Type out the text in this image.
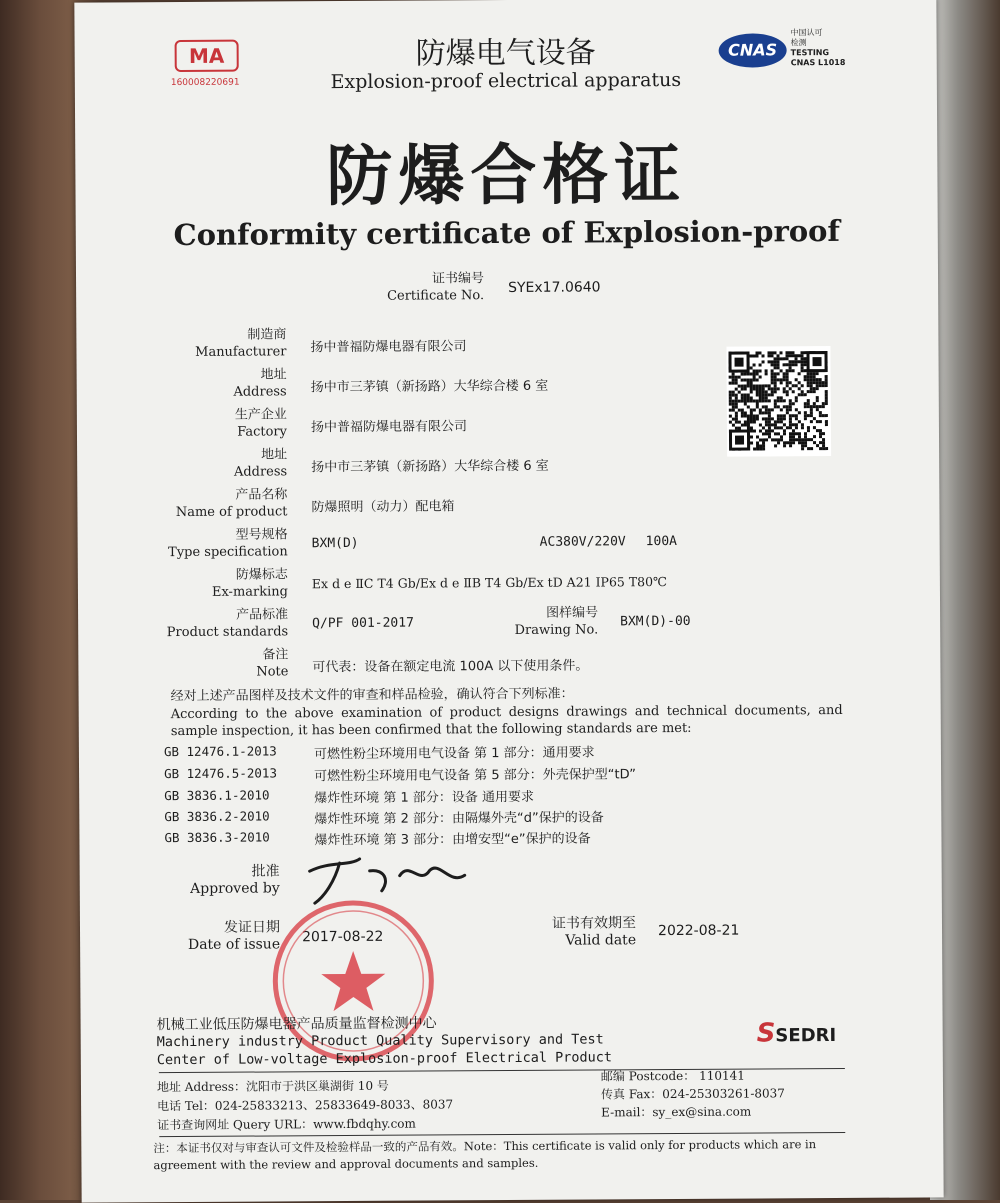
MA
160008220691
防爆电气设备
Explosion-proof electrical apparatus
CNAS
中国认可
检测
TESTING
CNAS L1018
防爆合格证
Conformity certificate of Explosion-proof
证书编号
Certificate No. SYEx17.0640
制造商
Manufacturer 扬中普福防爆电器有限公司
地址
Address 扬中市三茅镇（新扬路）大华综合楼 6 室
生产企业
Factory 扬中普福防爆电器有限公司
地址
Address 扬中市三茅镇（新扬路）大华综合楼 6 室
产品名称
Name of product 防爆照明（动力）配电箱
型号规格
Type specification
BXM(D)	AC380V/220V 100A
防爆标志
Ex-marking
Ex d e ⅡC T4 Gb/Ex d e ⅡB T4 Gb/Ex tD A21 IP65 T80℃
产品标准
Product standards
Q/PF 001-2017
图样编号
Drawing No.
BXM(D)-00
备注
Note 可代表：设备在额定电流 100A 以下使用条件。
经对上述产品图样及技术文件的审查和样品检验，确认符合下列标准：
According to the above examination of product designs drawings and technical documents, and sample inspection, it has been confirmed that the following standards are met:
GB 12476.1-2013	可燃性粉尘环境用电气设备 第 1 部分：通用要求
GB 12476.5-2013	可燃性粉尘环境用电气设备 第 5 部分：外壳保护型“tD”
GB 3836.1-2010	爆炸性环境 第 1 部分：设备 通用要求
GB 3836.2-2010	爆炸性环境 第 2 部分：由隔爆外壳“d”保护的设备
GB 3836.3-2010	爆炸性环境 第 3 部分：由增安型“e”保护的设备
批准
Approved by
发证日期
Date of issue 2017-08-22
证书有效期至
Valid date
2022-08-21
机械工业低压防爆电器产品质量监督检测中心
Machinery industry Product Quality Supervisory and Test
Center of Low-voltage Explosion-proof Electrical Product
SSEDRI
地址 Address：沈阳市于洪区巢湖街 10 号
电话 Tel：024-25833213、25833649-8033、8037
证书查询网址 Query URL：www.fbdqhy.com
邮编 Postcode： 110141
传真 Fax：024-25303261-8037
E-mail：sy_ex@sina.com
注：本证书仅对与审查认可文件及检验样品一致的产品有效。Note：This certificate is valid only for products which are in
agreement with the review and approval documents and samples.
